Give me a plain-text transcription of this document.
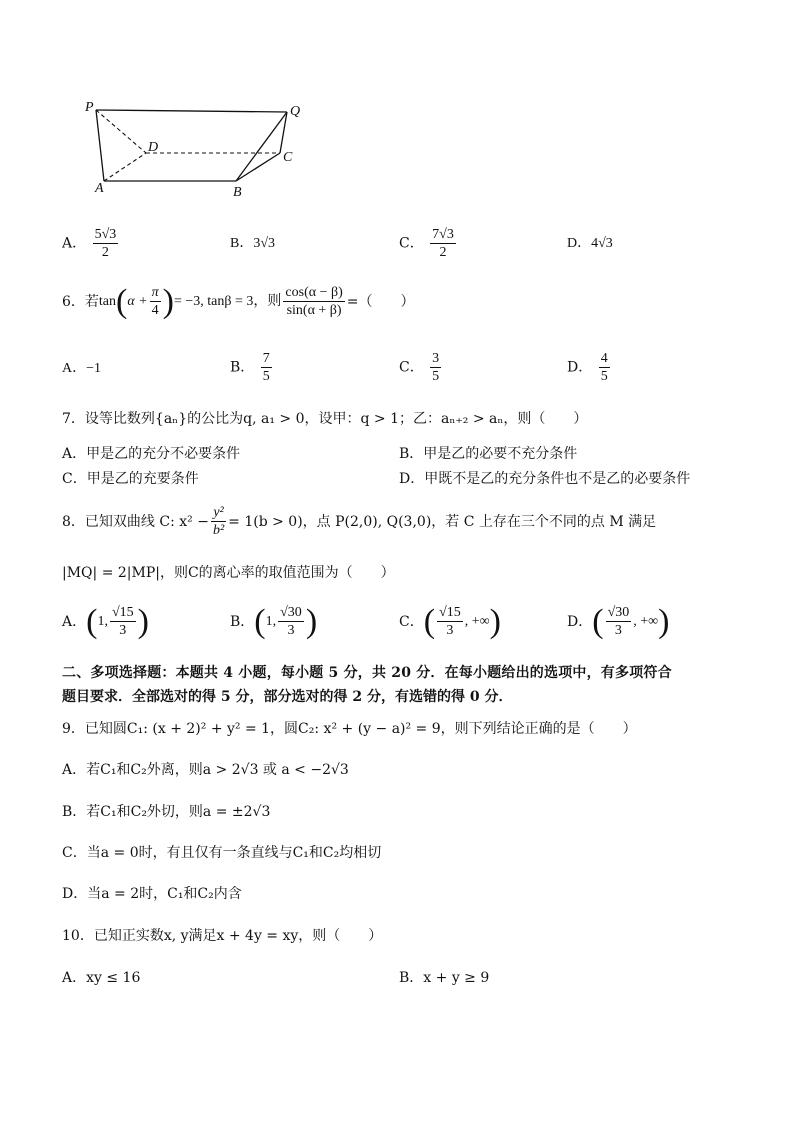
P	Q
D
C
A	B
A． $\frac{5√3}{2}$	B．3√3	C． $\frac{7√3}{2}$	D．4√3
6．若 tan ( $\alpha + \frac{\pi}{4}$ ) = −3, tanβ = 3，则 $\frac{\cos(\alpha - \beta)}{\sin(\alpha + \beta)}$ =（　　）
A．−1	B． $\frac{7}{5}$	C． $\frac{3}{5}$	D． $\frac{4}{5}$
7．设等比数列{aₙ}的公比为q, a₁ > 0，设甲：q > 1；乙：aₙ₊₂ > aₙ，则（　　）
A．甲是乙的充分不必要条件	B．甲是乙的必要不充分条件
C．甲是乙的充要条件	D．甲既不是乙的充分条件也不是乙的必要条件
8．已知双曲线 C: $x^2 - \frac{\text{y²}}{\text{b²}} = 1(b > 0)$，点 P(2,0), Q(3,0)，若 C 上存在三个不同的点 M 满足
|MQ| = 2|MP|，则C的离心率的取值范围为（　　）
A． ( 1, $\frac{√15}{3}$ )	B． ( 1, $\frac{√30}{3}$ )	C． ( $\frac{√15}{3}$ , +∞ )	D． ( $\frac{√30}{3}$ , +∞ )
二、多项选择题：本题共 4 小题，每小题 5 分，共 20 分．在每小题给出的选项中，有多项符合
题目要求．全部选对的得 5 分，部分选对的得 2 分，有选错的得 0 分．
9．已知圆C₁: (x + 2)² + y² = 1，圆C₂: x² + (y − a)² = 9，则下列结论正确的是（　　）
A．若C₁和C₂外离，则a > 2√3 或 a < −2√3
B．若C₁和C₂外切，则a = ±2√3
C．当a = 0时，有且仅有一条直线与C₁和C₂均相切
D．当a = 2时，C₁和C₂内含
10．已知正实数x, y满足x + 4y = xy，则（　　）
A．xy ≤ 16	B．x + y ≥ 9
